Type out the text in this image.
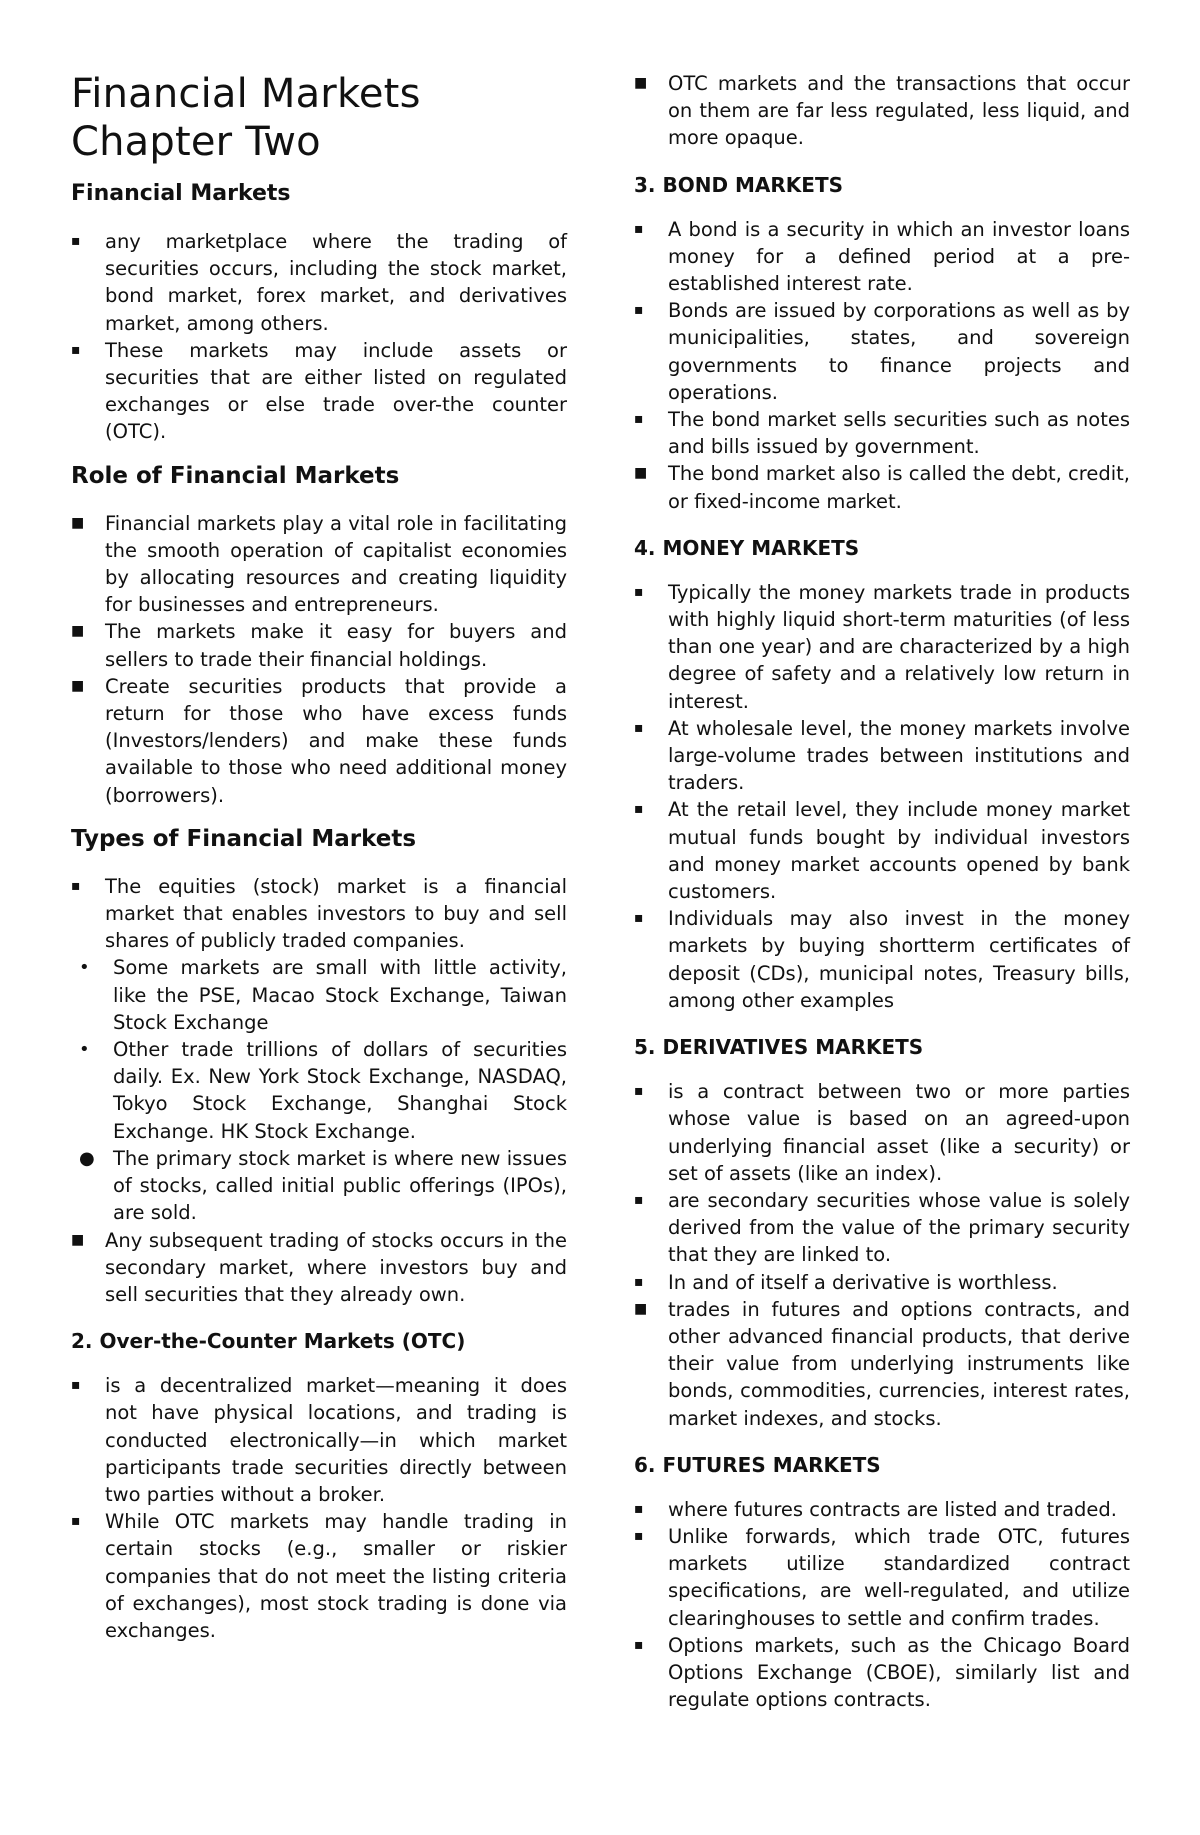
Financial Markets Chapter Two
Financial Markets
▪	any marketplace where the trading of securities occurs, including the stock market, bond market, forex market, and derivatives market, among others.
▪	These markets may include assets or securities that are either listed on regulated exchanges or else trade over-the counter (OTC).
Role of Financial Markets
■	Financial markets play a vital role in facilitating the smooth operation of capitalist economies by allocating resources and creating liquidity for businesses and entrepreneurs.
■	The markets make it easy for buyers and sellers to trade their financial holdings.
■	Create securities products that provide a return for those who have excess funds (Investors/lenders) and make these funds available to those who need additional money (borrowers).
Types of Financial Markets
▪	The equities (stock) market is a financial market that enables investors to buy and sell shares of publicly traded companies.
• Some markets are small with little activity, like the PSE, Macao Stock Exchange, Taiwan Stock Exchange
• Other trade trillions of dollars of securities daily. Ex. New York Stock Exchange, NASDAQ, Tokyo Stock Exchange, Shanghai Stock Exchange. HK Stock Exchange.
● The primary stock market is where new issues of stocks, called initial public offerings (IPOs), are sold.
■	Any subsequent trading of stocks occurs in the secondary market, where investors buy and sell securities that they already own.
2. Over-the-Counter Markets (OTC)
▪	is a decentralized market—meaning it does not have physical locations, and trading is conducted electronically—in which market participants trade securities directly between two parties without a broker.
▪	While OTC markets may handle trading in certain stocks (e.g., smaller or riskier companies that do not meet the listing criteria of exchanges), most stock trading is done via exchanges.
■	OTC markets and the transactions that occur on them are far less regulated, less liquid, and more opaque.
3. BOND MARKETS
▪	A bond is a security in which an investor loans money for a defined period at a pre-established interest rate.
▪	Bonds are issued by corporations as well as by municipalities, states, and sovereign governments to finance projects and operations.
▪	The bond market sells securities such as notes and bills issued by government.
■	The bond market also is called the debt, credit, or fixed-income market.
4. MONEY MARKETS
▪	Typically the money markets trade in products with highly liquid short-term maturities (of less than one year) and are characterized by a high degree of safety and a relatively low return in interest.
▪	At wholesale level, the money markets involve large-volume trades between institutions and traders.
▪	At the retail level, they include money market mutual funds bought by individual investors and money market accounts opened by bank customers.
▪	Individuals may also invest in the money markets by buying shortterm certificates of deposit (CDs), municipal notes, Treasury bills, among other examples
5. DERIVATIVES MARKETS
▪	is a contract between two or more parties whose value is based on an agreed-upon underlying financial asset (like a security) or set of assets (like an index).
▪	are secondary securities whose value is solely derived from the value of the primary security that they are linked to.
▪	In and of itself a derivative is worthless.
■	trades in futures and options contracts, and other advanced financial products, that derive their value from underlying instruments like bonds, commodities, currencies, interest rates, market indexes, and stocks.
6. FUTURES MARKETS
▪	where futures contracts are listed and traded.
▪	Unlike forwards, which trade OTC, futures markets utilize standardized contract specifications, are well-regulated, and utilize clearinghouses to settle and confirm trades.
▪	Options markets, such as the Chicago Board Options Exchange (CBOE), similarly list and regulate options contracts.
